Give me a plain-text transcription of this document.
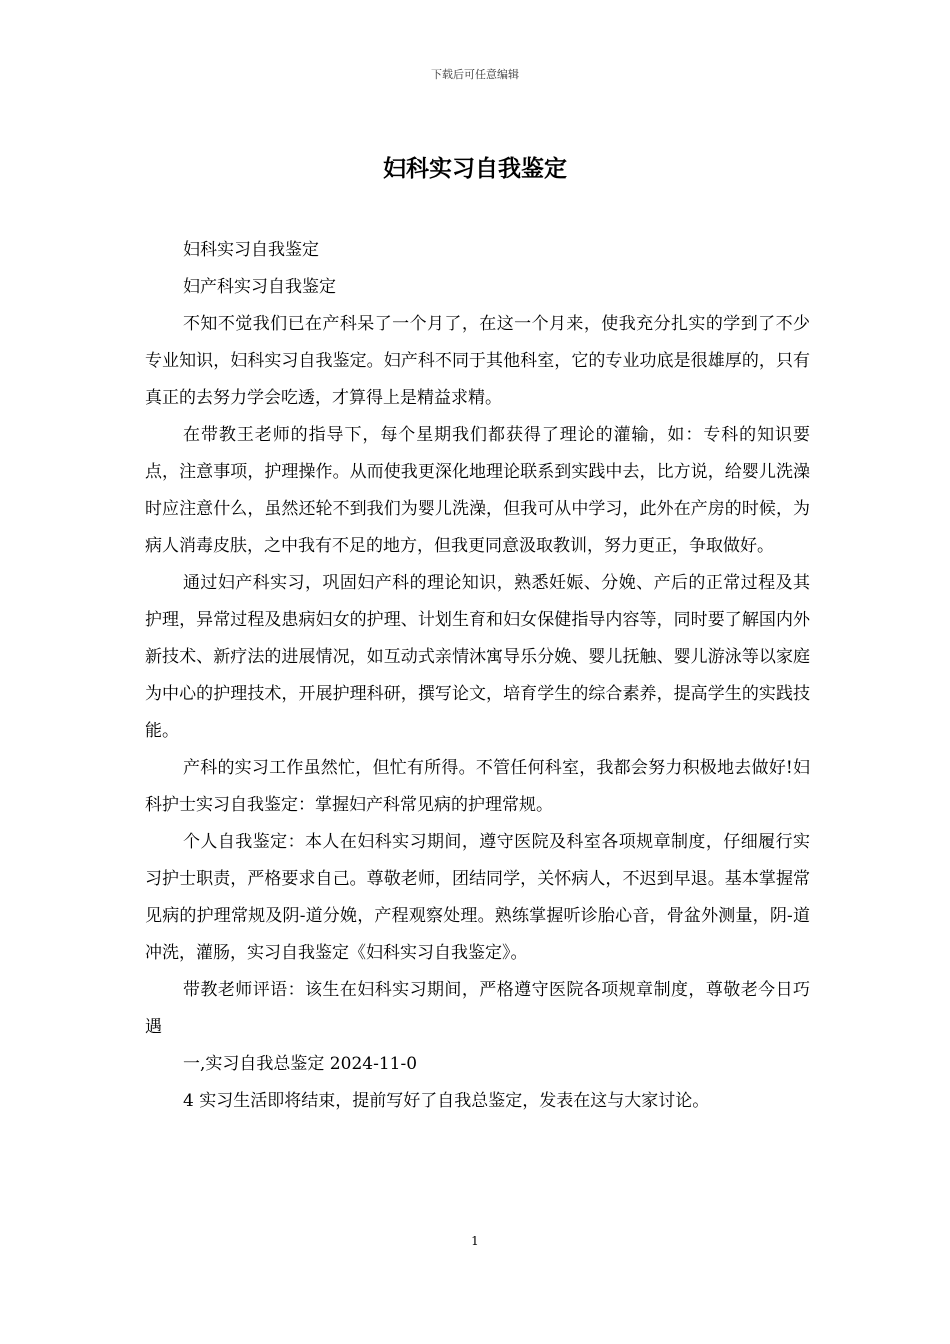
下载后可任意编辑
妇科实习自我鉴定

妇科实习自我鉴定

妇产科实习自我鉴定

不知不觉我们已在产科呆了一个月了，在这一个月来，使我充分扎实的学到了不少专业知识，妇科实习自我鉴定。妇产科不同于其他科室，它的专业功底是很雄厚的，只有真正的去努力学会吃透，才算得上是精益求精。

在带教王老师的指导下，每个星期我们都获得了理论的灌输，如：专科的知识要点，注意事项，护理操作。从而使我更深化地理论联系到实践中去，比方说，给婴儿洗澡时应注意什么，虽然还轮不到我们为婴儿洗澡，但我可从中学习，此外在产房的时候，为病人消毒皮肤，之中我有不足的地方，但我更同意汲取教训，努力更正，争取做好。

通过妇产科实习，巩固妇产科的理论知识，熟悉妊娠、分娩、产后的正常过程及其护理，异常过程及患病妇女的护理、计划生育和妇女保健指导内容等，同时要了解国内外新技术、新疗法的进展情况，如互动式亲情沐寓导乐分娩、婴儿抚触、婴儿游泳等以家庭为中心的护理技术，开展护理科研，撰写论文，培育学生的综合素养，提高学生的实践技能。

产科的实习工作虽然忙，但忙有所得。不管任何科室，我都会努力积极地去做好!妇科护士实习自我鉴定：掌握妇产科常见病的护理常规。

个人自我鉴定：本人在妇科实习期间，遵守医院及科室各项规章制度，仔细履行实习护士职责，严格要求自己。尊敬老师，团结同学，关怀病人，不迟到早退。基本掌握常见病的护理常规及阴-道分娩，产程观察处理。熟练掌握听诊胎心音，骨盆外测量，阴-道冲洗，灌肠，实习自我鉴定《妇科实习自我鉴定》。

带教老师评语：该生在妇科实习期间，严格遵守医院各项规章制度，尊敬老今日巧遇

一,实习自我总鉴定 2024-11-0

4 实习生活即将结束，提前写好了自我总鉴定，发表在这与大家讨论。

1
